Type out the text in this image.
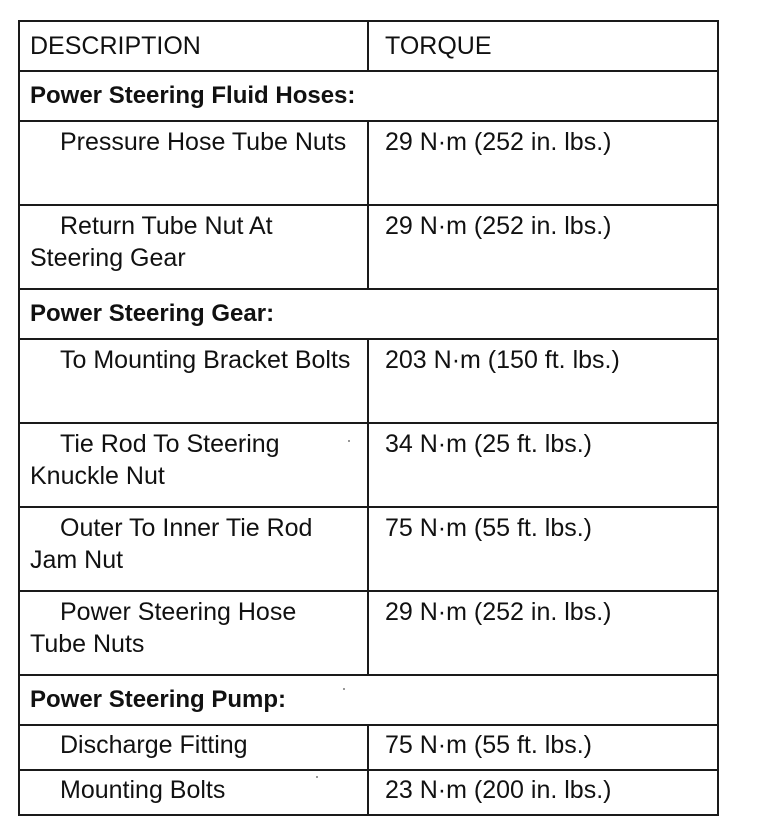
DESCRIPTION	TORQUE

Power Steering Fluid Hoses:	

Pressure Hose Tube Nuts	29 N·m (252 in. lbs.)
Return Tube Nut At Steering Gear	29 N·m (252 in. lbs.)

Power Steering Gear:	

To Mounting Bracket Bolts	203 N·m (150 ft. lbs.)
Tie Rod To Steering Knuckle Nut	34 N·m (25 ft. lbs.)
Outer To Inner Tie Rod Jam Nut	75 N·m (55 ft. lbs.)
Power Steering Hose Tube Nuts	29 N·m (252 in. lbs.)

Power Steering Pump:	

Discharge Fitting	75 N·m (55 ft. lbs.)
Mounting Bolts	23 N·m (200 in. lbs.)
